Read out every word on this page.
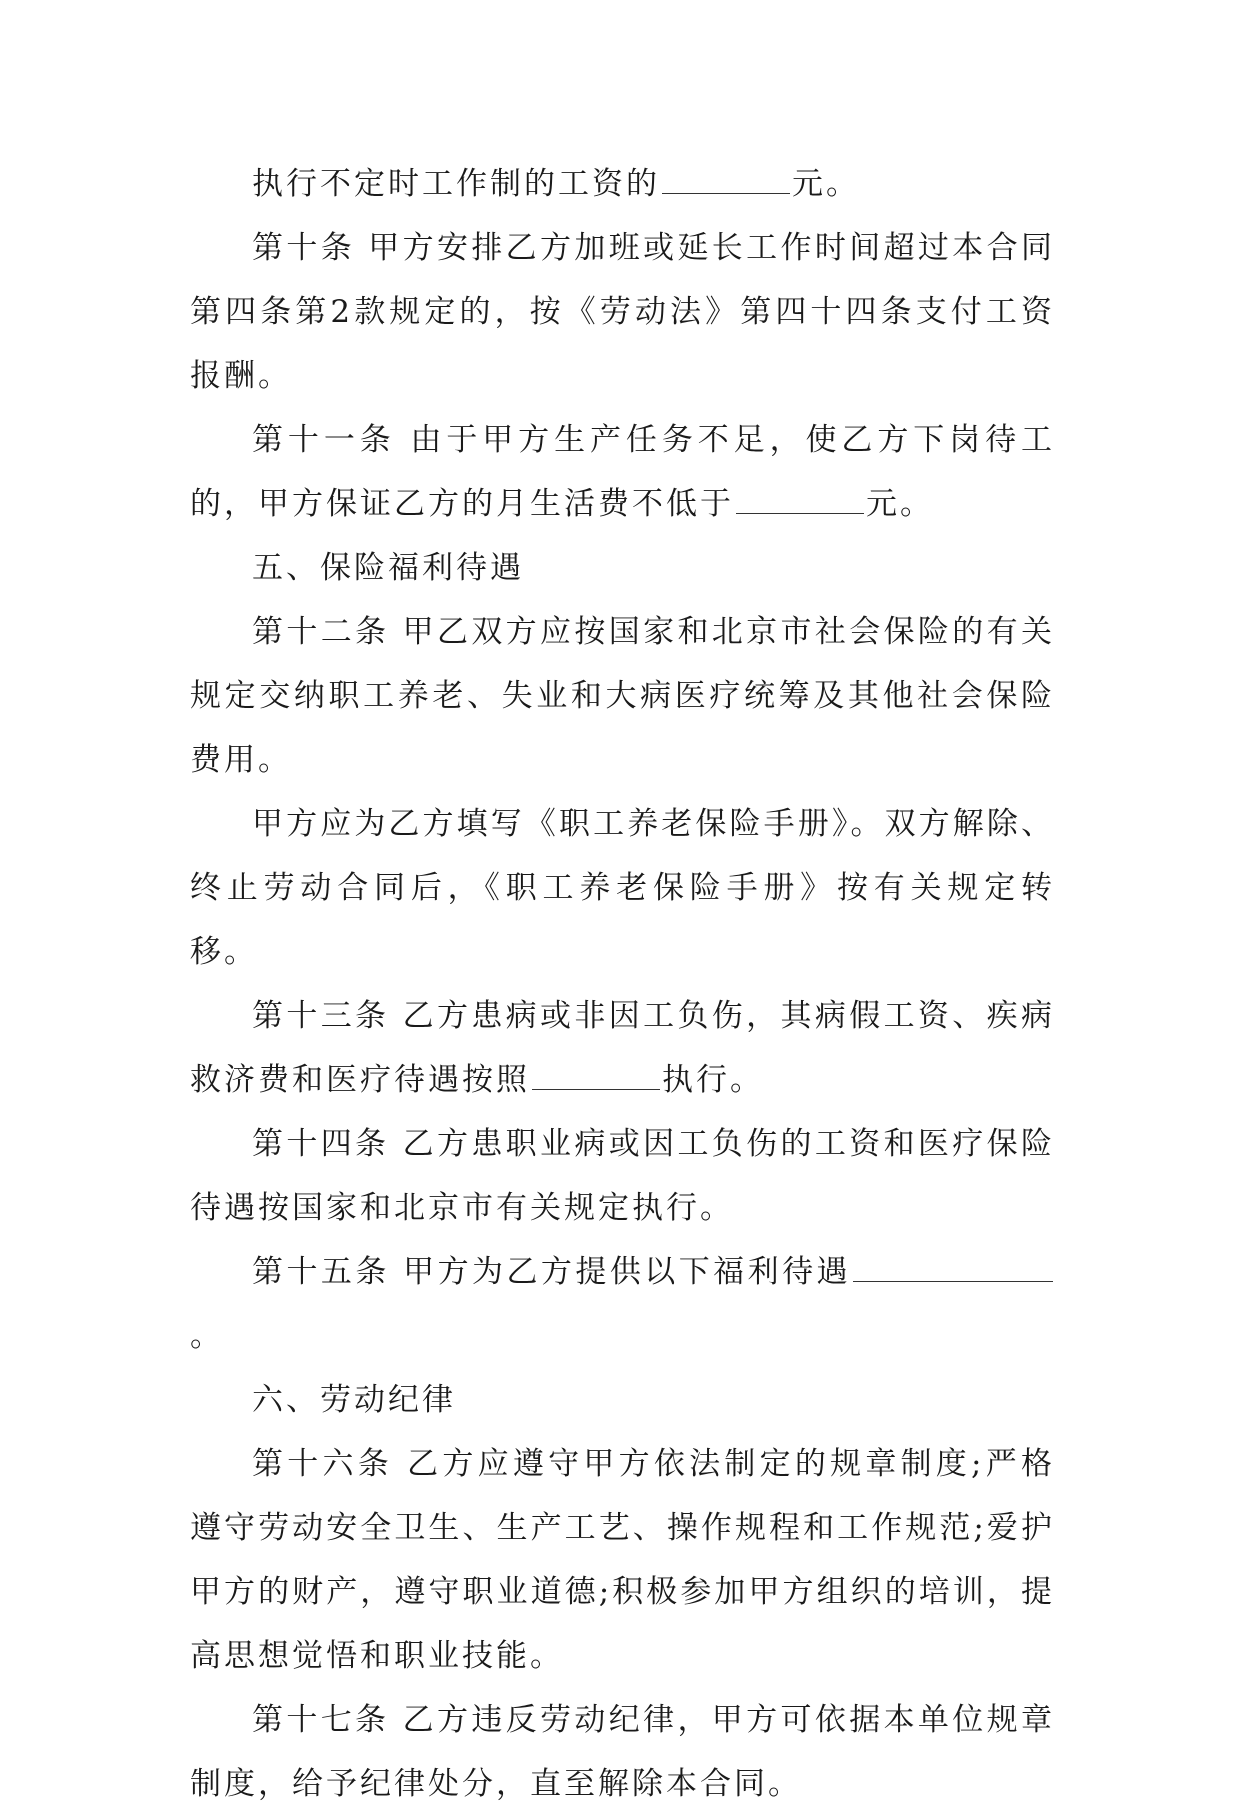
执行不定时工作制的工资的	元。

第十条 甲方安排乙方加班或延长工作时间超过本合同第四条第2款规定的，按《劳动法》第四十四条支付工资报酬。

第十一条 由于甲方生产任务不足，使乙方下岗待工的，甲方保证乙方的月生活费不低于	元。

五、保险福利待遇

第十二条 甲乙双方应按国家和北京市社会保险的有关规定交纳职工养老、失业和大病医疗统筹及其他社会保险费用。

甲方应为乙方填写《职工养老保险手册》。双方解除、终止劳动合同后，《职工养老保险手册》按有关规定转移。

第十三条 乙方患病或非因工负伤，其病假工资、疾病救济费和医疗待遇按照	执行。

第十四条 乙方患职业病或因工负伤的工资和医疗保险待遇按国家和北京市有关规定执行。

第十五条 甲方为乙方提供以下福利待遇。

六、劳动纪律

第十六条 乙方应遵守甲方依法制定的规章制度;严格遵守劳动安全卫生、生产工艺、操作规程和工作规范;爱护甲方的财产，遵守职业道德;积极参加甲方组织的培训，提高思想觉悟和职业技能。

第十七条 乙方违反劳动纪律，甲方可依据本单位规章制度，给予纪律处分，直至解除本合同。
